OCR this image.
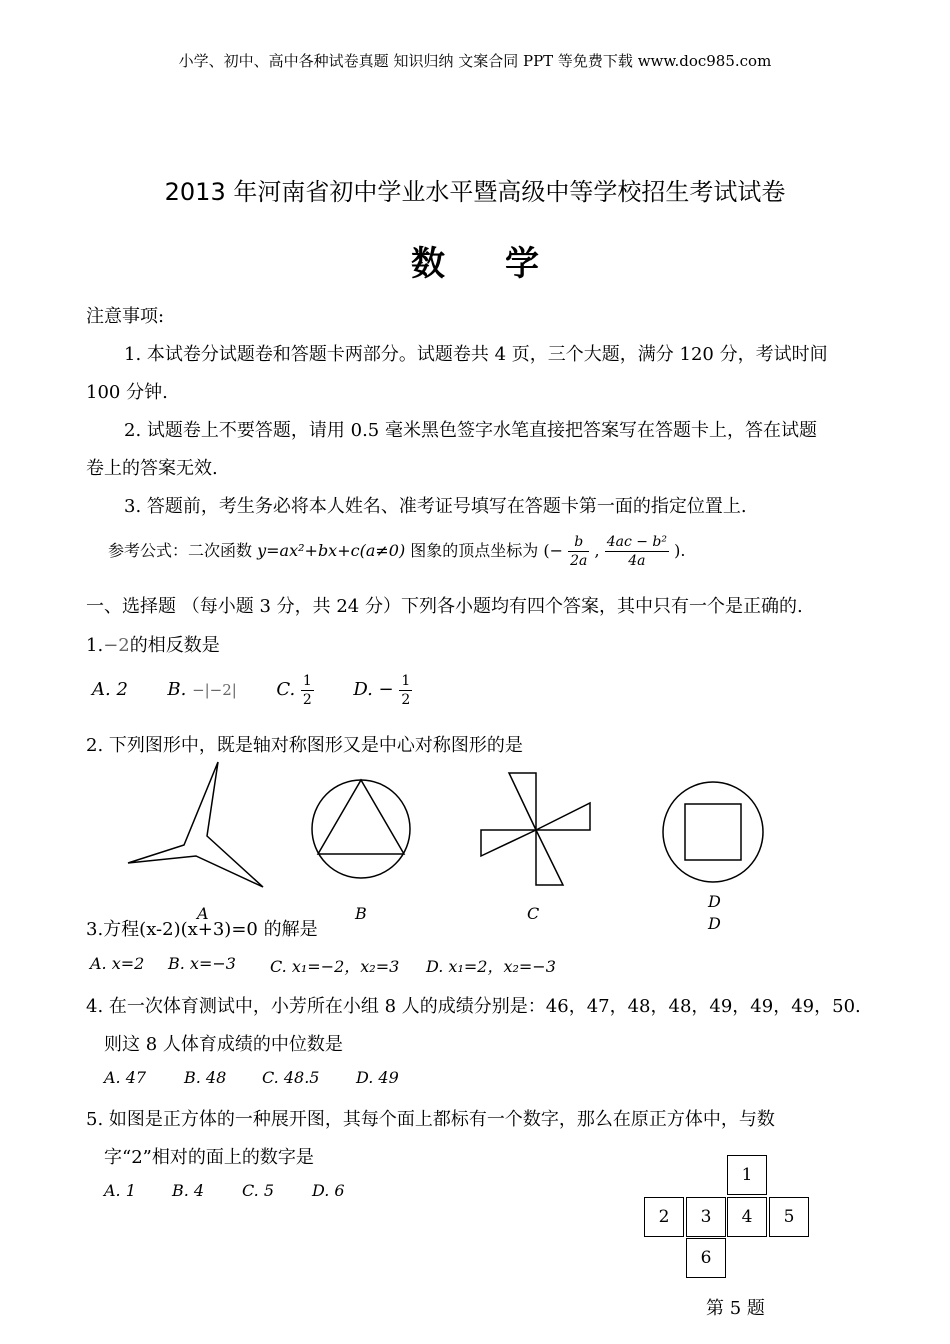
小学、初中、高中各种试卷真题 知识归纳 文案合同 PPT 等免费下载 www.doc985.com
2013 年河南省初中学业水平暨高级中等学校招生考试试卷
数学
注意事项:
1. 本试卷分试题卷和答题卡两部分。试题卷共 4 页，三个大题，满分 120 分，考试时间
100 分钟.
2. 试题卷上不要答题，请用 0.5 毫米黑色签字水笔直接把答案写在答题卡上，答在试题
卷上的答案无效.
3. 答题前，考生务必将本人姓名、准考证号填写在答题卡第一面的指定位置上.
参考公式：二次函数 y=ax²+bx+c(a≠0) 图象的顶点坐标为 (− $\frac{b}{2a}$ , $\frac{\text{4ac − b²}}{4a}$ ).
一、选择题 （每小题 3 分，共 24 分）下列各小题均有四个答案，其中只有一个是正确的.
1.−2的相反数是
A. 2 B. −|−2| C. $\frac{1}{2} D$. − $\frac{1}{2}$
2. 下列图形中，既是轴对称图形又是中心对称图形的是
A	B	C
D
D
3.方程(x-2)(x+3)=0 的解是
A. x=2 B. x=−3 C. x₁=−2，x₂=3 D. x₁=2，x₂=−3
4. 在一次体育测试中，小芳所在小组 8 人的成绩分别是：46，47，48，48，49，49，49，50.
则这 8 人体育成绩的中位数是
A. 47 B. 48 C. 48.5 D. 49
5. 如图是正方体的一种展开图，其每个面上都标有一个数字，那么在原正方体中，与数
字“2”相对的面上的数字是
A. 1 B. 4 C. 5 D. 6
1
2	3	4	5
6
第 5 题
